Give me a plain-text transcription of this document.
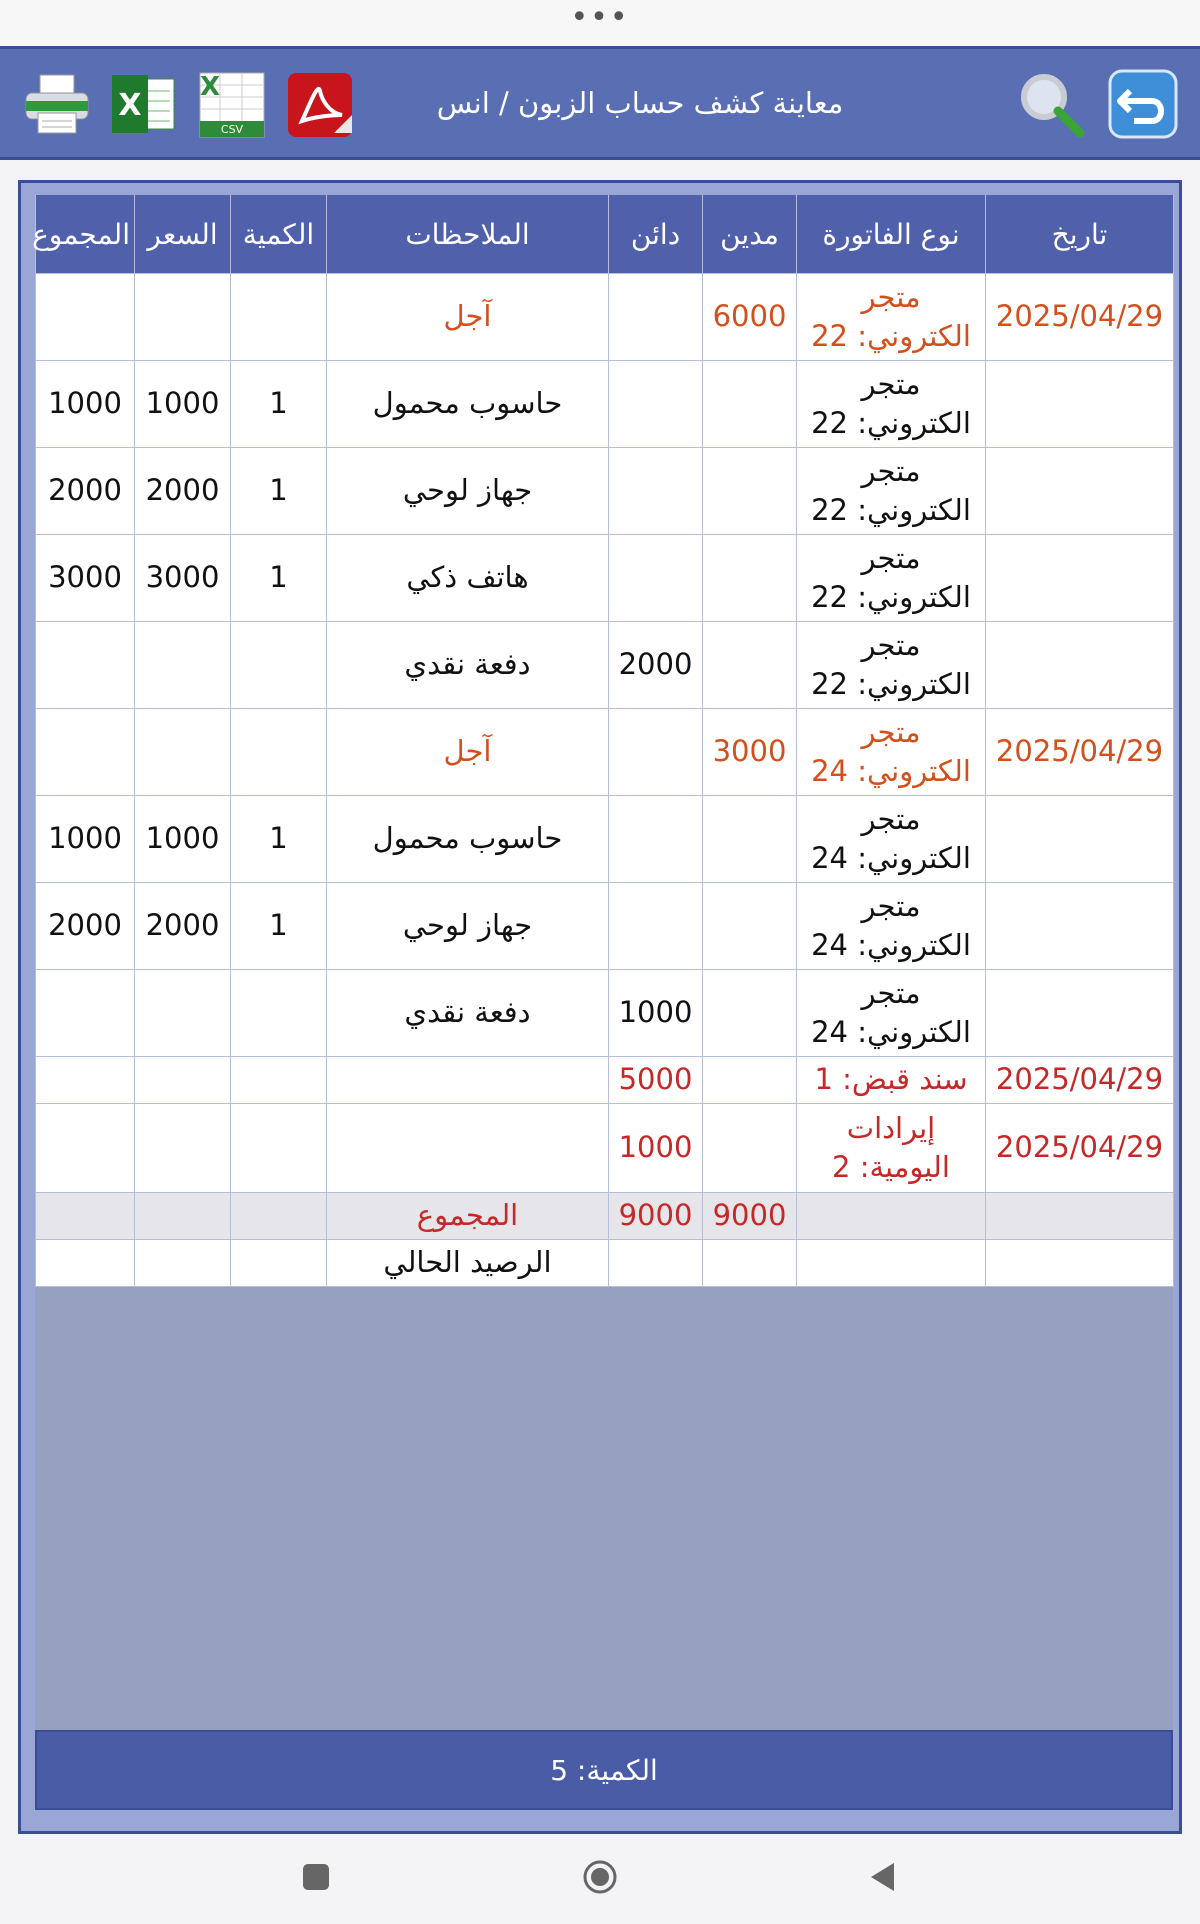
•••
X
X
CSV
معاينة كشف حساب الزبون / انس
تاريخ	نوع الفاتورة	مدين	دائن	الملاحظات	الكمية	السعر	المجموع
2025/04/29	متجر الكتروني: 22	6000		آجل			
	متجر الكتروني: 22			حاسوب محمول	1	1000	1000
	متجر الكتروني: 22			جهاز لوحي	1	2000	2000
	متجر الكتروني: 22			هاتف ذكي	1	3000	3000
	متجر الكتروني: 22		2000	دفعة نقدي			
2025/04/29	متجر الكتروني: 24	3000		آجل			
	متجر الكتروني: 24			حاسوب محمول	1	1000	1000
	متجر الكتروني: 24			جهاز لوحي	1	2000	2000
	متجر الكتروني: 24		1000	دفعة نقدي			
2025/04/29	سند قبض: 1		5000				
2025/04/29	إيرادات اليومية: 2		1000				
		9000	9000	المجموع			
				الرصيد الحالي			
الكمية: 5
